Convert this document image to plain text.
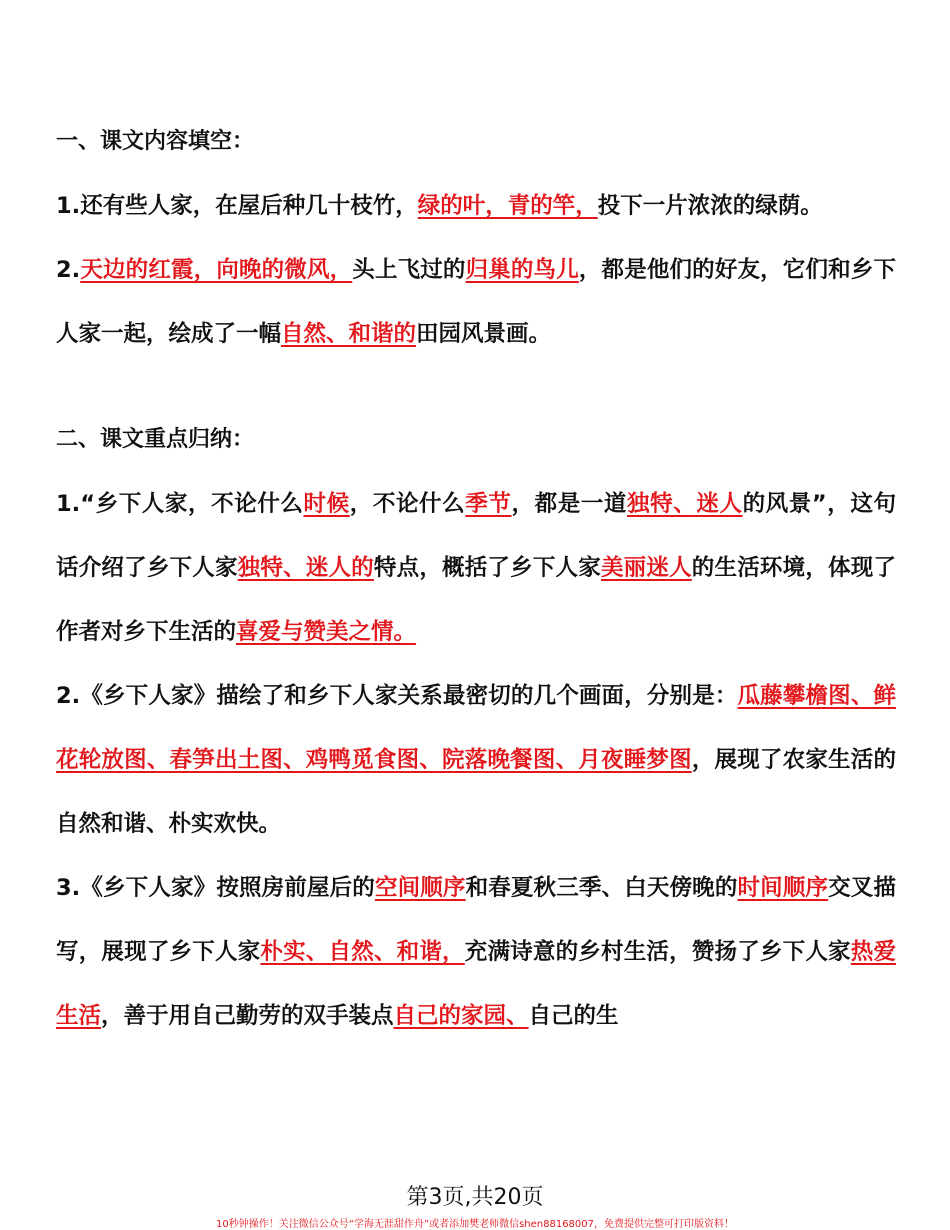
一、课文内容填空：

1.还有些人家，在屋后种几十枝竹，绿的叶，青的竿，投下一片浓浓的绿荫。

2.天边的红霞，向晚的微风，头上飞过的归巢的鸟儿，都是他们的好友，它们和乡下人家一起，绘成了一幅自然、和谐的田园风景画。

二、课文重点归纳：

1.“乡下人家，不论什么时候，不论什么季节，都是一道独特、迷人的风景”，这句话介绍了乡下人家独特、迷人的特点，概括了乡下人家美丽迷人的生活环境，体现了作者对乡下生活的喜爱与赞美之情。

2.《乡下人家》描绘了和乡下人家关系最密切的几个画面，分别是：瓜藤攀檐图、鲜花轮放图、春笋出土图、鸡鸭觅食图、院落晚餐图、月夜睡梦图，展现了农家生活的自然和谐、朴实欢快。

3.《乡下人家》按照房前屋后的空间顺序和春夏秋三季、白天傍晚的时间顺序交叉描写，展现了乡下人家朴实、自然、和谐，充满诗意的乡村生活，赞扬了乡下人家热爱生活，善于用自己勤劳的双手装点自己的家园、自己的生

第3页,共20页
10秒钟操作！关注微信公众号“学海无涯甜作舟”或者添加樊老师微信shen88168007，免费提供完整可打印版资料！
